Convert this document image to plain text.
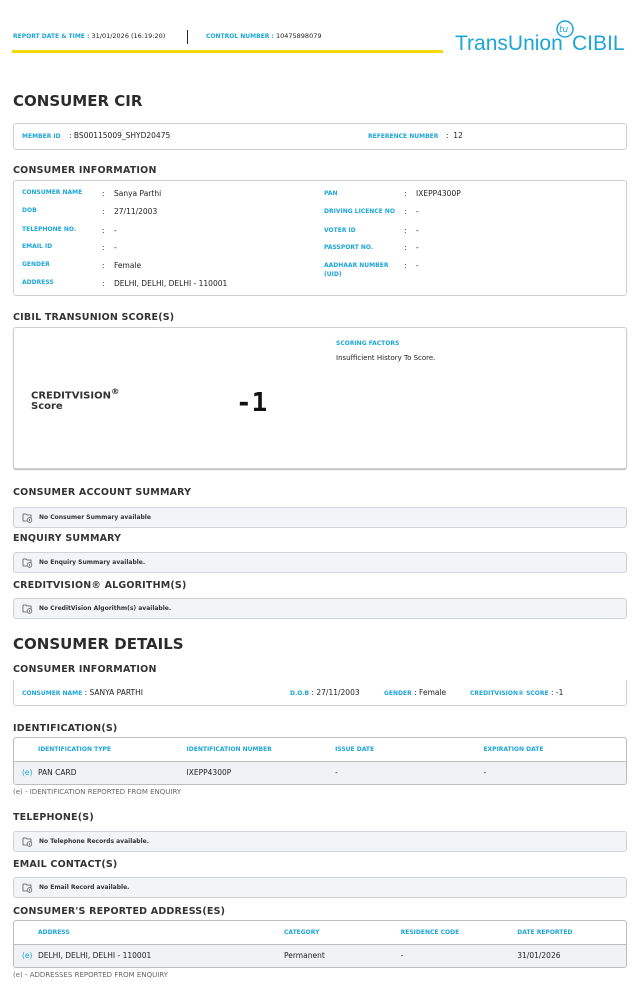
REPORT DATE & TIME : 31/01/2026 (16:19:20)	CONTROL NUMBER : 10475898079	TransUnion CIBIL
tu
CONSUMER CIR
MEMBER ID : BS00115009_SHYD20475	REFERENCE NUMBER :  12
CONSUMER INFORMATION
CONSUMER NAME	:	Sanya Parthi
DOB	:	27/11/2003
TELEPHONE NO.	:	-
EMAIL ID	:	-
GENDER	:	Female
ADDRESS	:	DELHI, DELHI, DELHI - 110001
PAN	:	IXEPP4300P
DRIVING LICENCE NO	:	-
VOTER ID	:	-
PASSPORT NO.	:	-
AADHAAR NUMBER (UID)
:	-
CIBIL TRANSUNION SCORE(S)
CREDITVISION®
Score	-1
SCORING FACTORS
Insufficient History To Score.
CONSUMER ACCOUNT SUMMARY
No Consumer Summary available
ENQUIRY SUMMARY
No Enquiry Summary available.
CREDITVISION® ALGORITHM(S)
No CreditVision Algorithm(s) available.
TELEPHONE(S)
No Telephone Records available.
EMAIL CONTACT(S)
No Email Record available.
CONSUMER DETAILS
CONSUMER INFORMATION
CONSUMER NAME : SANYA PARTHI	D.O.B : 27/11/2003	GENDER : Female	CREDITVISION® SCORE : -1
IDENTIFICATION(S)
	IDENTIFICATION TYPE	IDENTIFICATION NUMBER	ISSUE DATE	EXPIRATION DATE
(e)	PAN CARD	IXEPP4300P	-	-
(e) - IDENTIFICATION REPORTED FROM ENQUIRY
CONSUMER'S REPORTED ADDRESS(ES)
	ADDRESS	CATEGORY	RESIDENCE CODE	DATE REPORTED
(e)	DELHI, DELHI, DELHI - 110001	Permanent	-	31/01/2026
(e) - ADDRESSES REPORTED FROM ENQUIRY
